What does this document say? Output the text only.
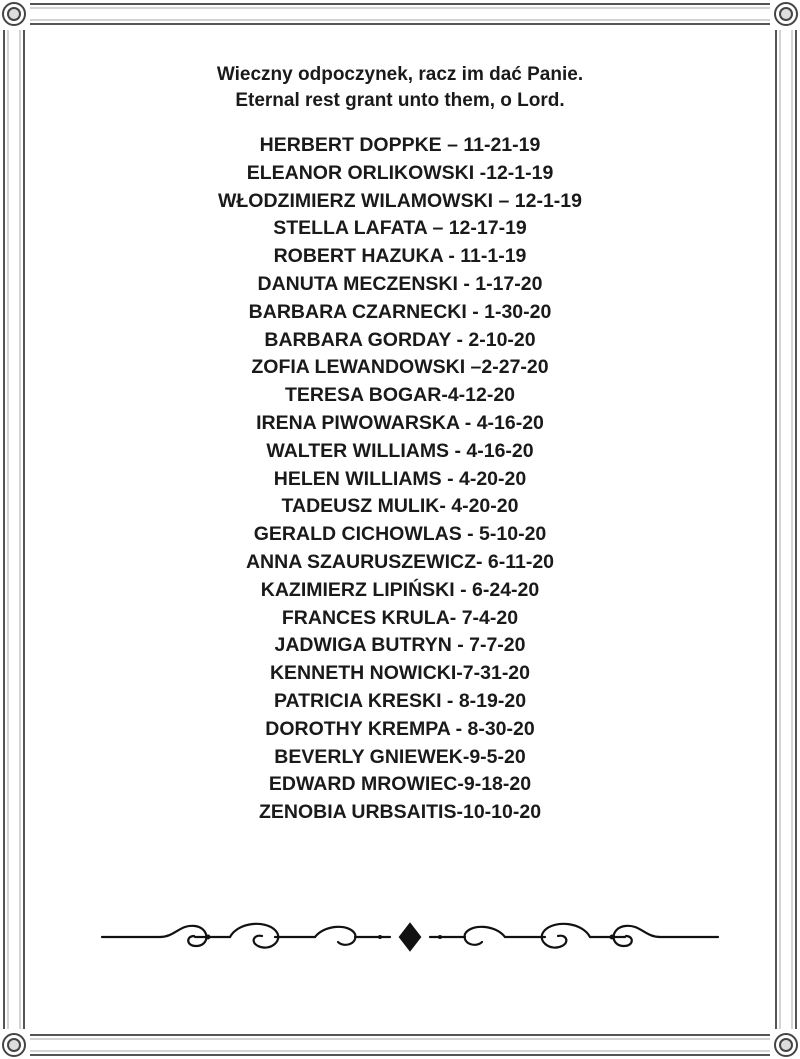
Wieczny odpoczynek, racz im dać Panie.

Eternal rest grant unto them, o Lord.

HERBERT DOPPKE – 11-21-19
ELEANOR ORLIKOWSKI -12-1-19
WŁODZIMIERZ WILAMOWSKI – 12-1-19
STELLA LAFATA – 12-17-19
ROBERT HAZUKA - 11-1-19
DANUTA MECZENSKI - 1-17-20
BARBARA CZARNECKI - 1-30-20
BARBARA GORDAY - 2-10-20
ZOFIA LEWANDOWSKI –2-27-20
TERESA BOGAR-4-12-20
IRENA PIWOWARSKA - 4-16-20
WALTER WILLIAMS - 4-16-20
HELEN WILLIAMS - 4-20-20
TADEUSZ MULIK- 4-20-20
GERALD CICHOWLAS - 5-10-20
ANNA SZAURUSZEWICZ- 6-11-20
KAZIMIERZ LIPIŃSKI - 6-24-20
FRANCES KRULA- 7-4-20
JADWIGA BUTRYN - 7-7-20
KENNETH NOWICKI-7-31-20
PATRICIA KRESKI - 8-19-20
DOROTHY KREMPA - 8-30-20
BEVERLY GNIEWEK-9-5-20
EDWARD MROWIEC-9-18-20
ZENOBIA URBSAITIS-10-10-20
